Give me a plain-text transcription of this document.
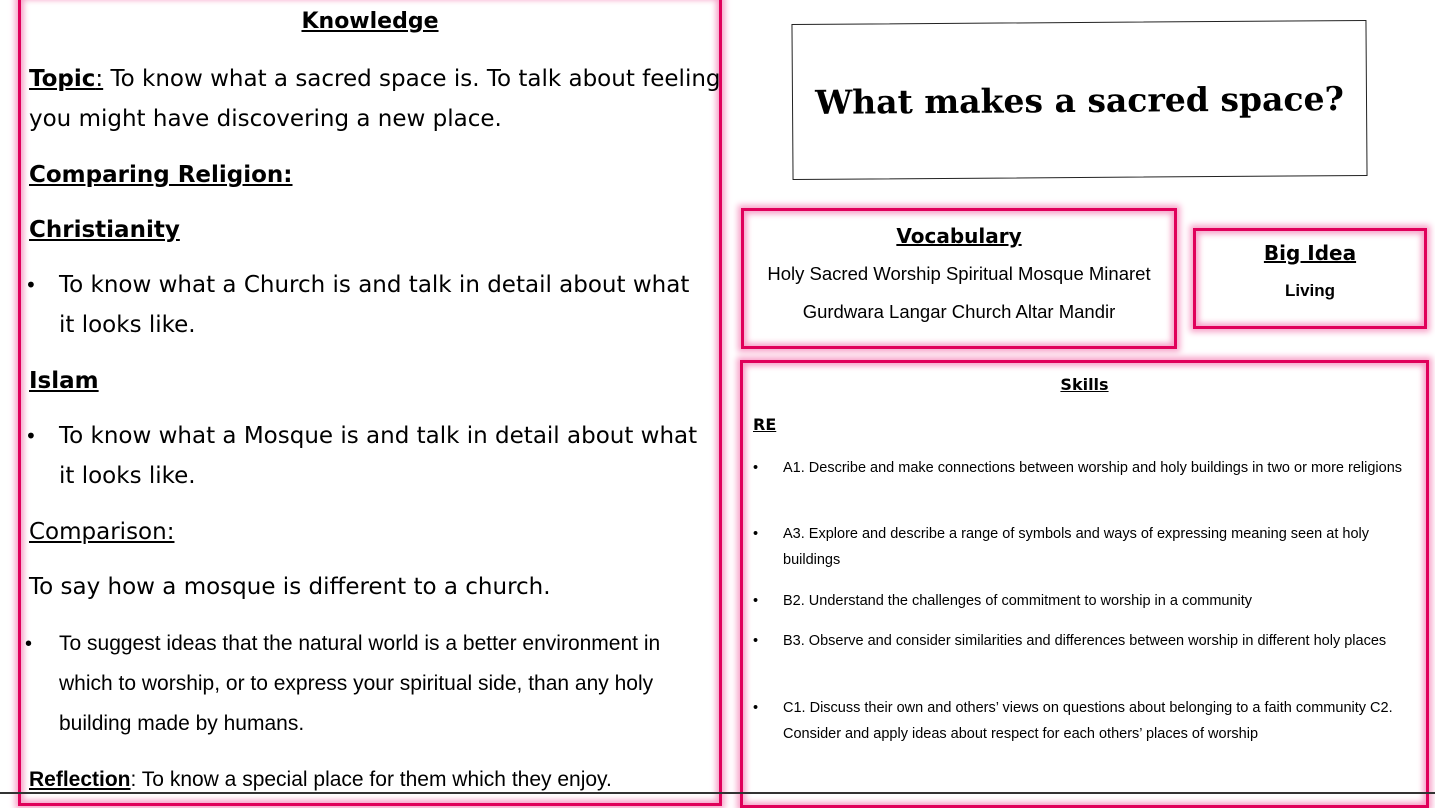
Knowledge
Topic: To know what a sacred space is. To talk about feeling
you might have discovering a new place.
Comparing Religion:
Christianity
• To know what a Church is and talk in detail about what it looks like.
Islam
• To know what a Mosque is and talk in detail about what it looks like.
Comparison:
To say how a mosque is different to a church.
• To suggest ideas that the natural world is a better environment in which to worship, or to express your spiritual side, than any holy building made by humans.
Reflection: To know a special place for them which they enjoy.
What makes a sacred space?
Vocabulary
Holy Sacred Worship Spiritual Mosque Minaret
Gurdwara Langar Church Altar Mandir
Big Idea
Living
Skills
RE
• A1. Describe and make connections between worship and holy buildings in two or more religions
• A3. Explore and describe a range of symbols and ways of expressing meaning seen at holy buildings
• B2. Understand the challenges of commitment to worship in a community
• B3. Observe and consider similarities and differences between worship in different holy places
• C1. Discuss their own and others’ views on questions about belonging to a faith community C2. Consider and apply ideas about respect for each others’ places of worship
